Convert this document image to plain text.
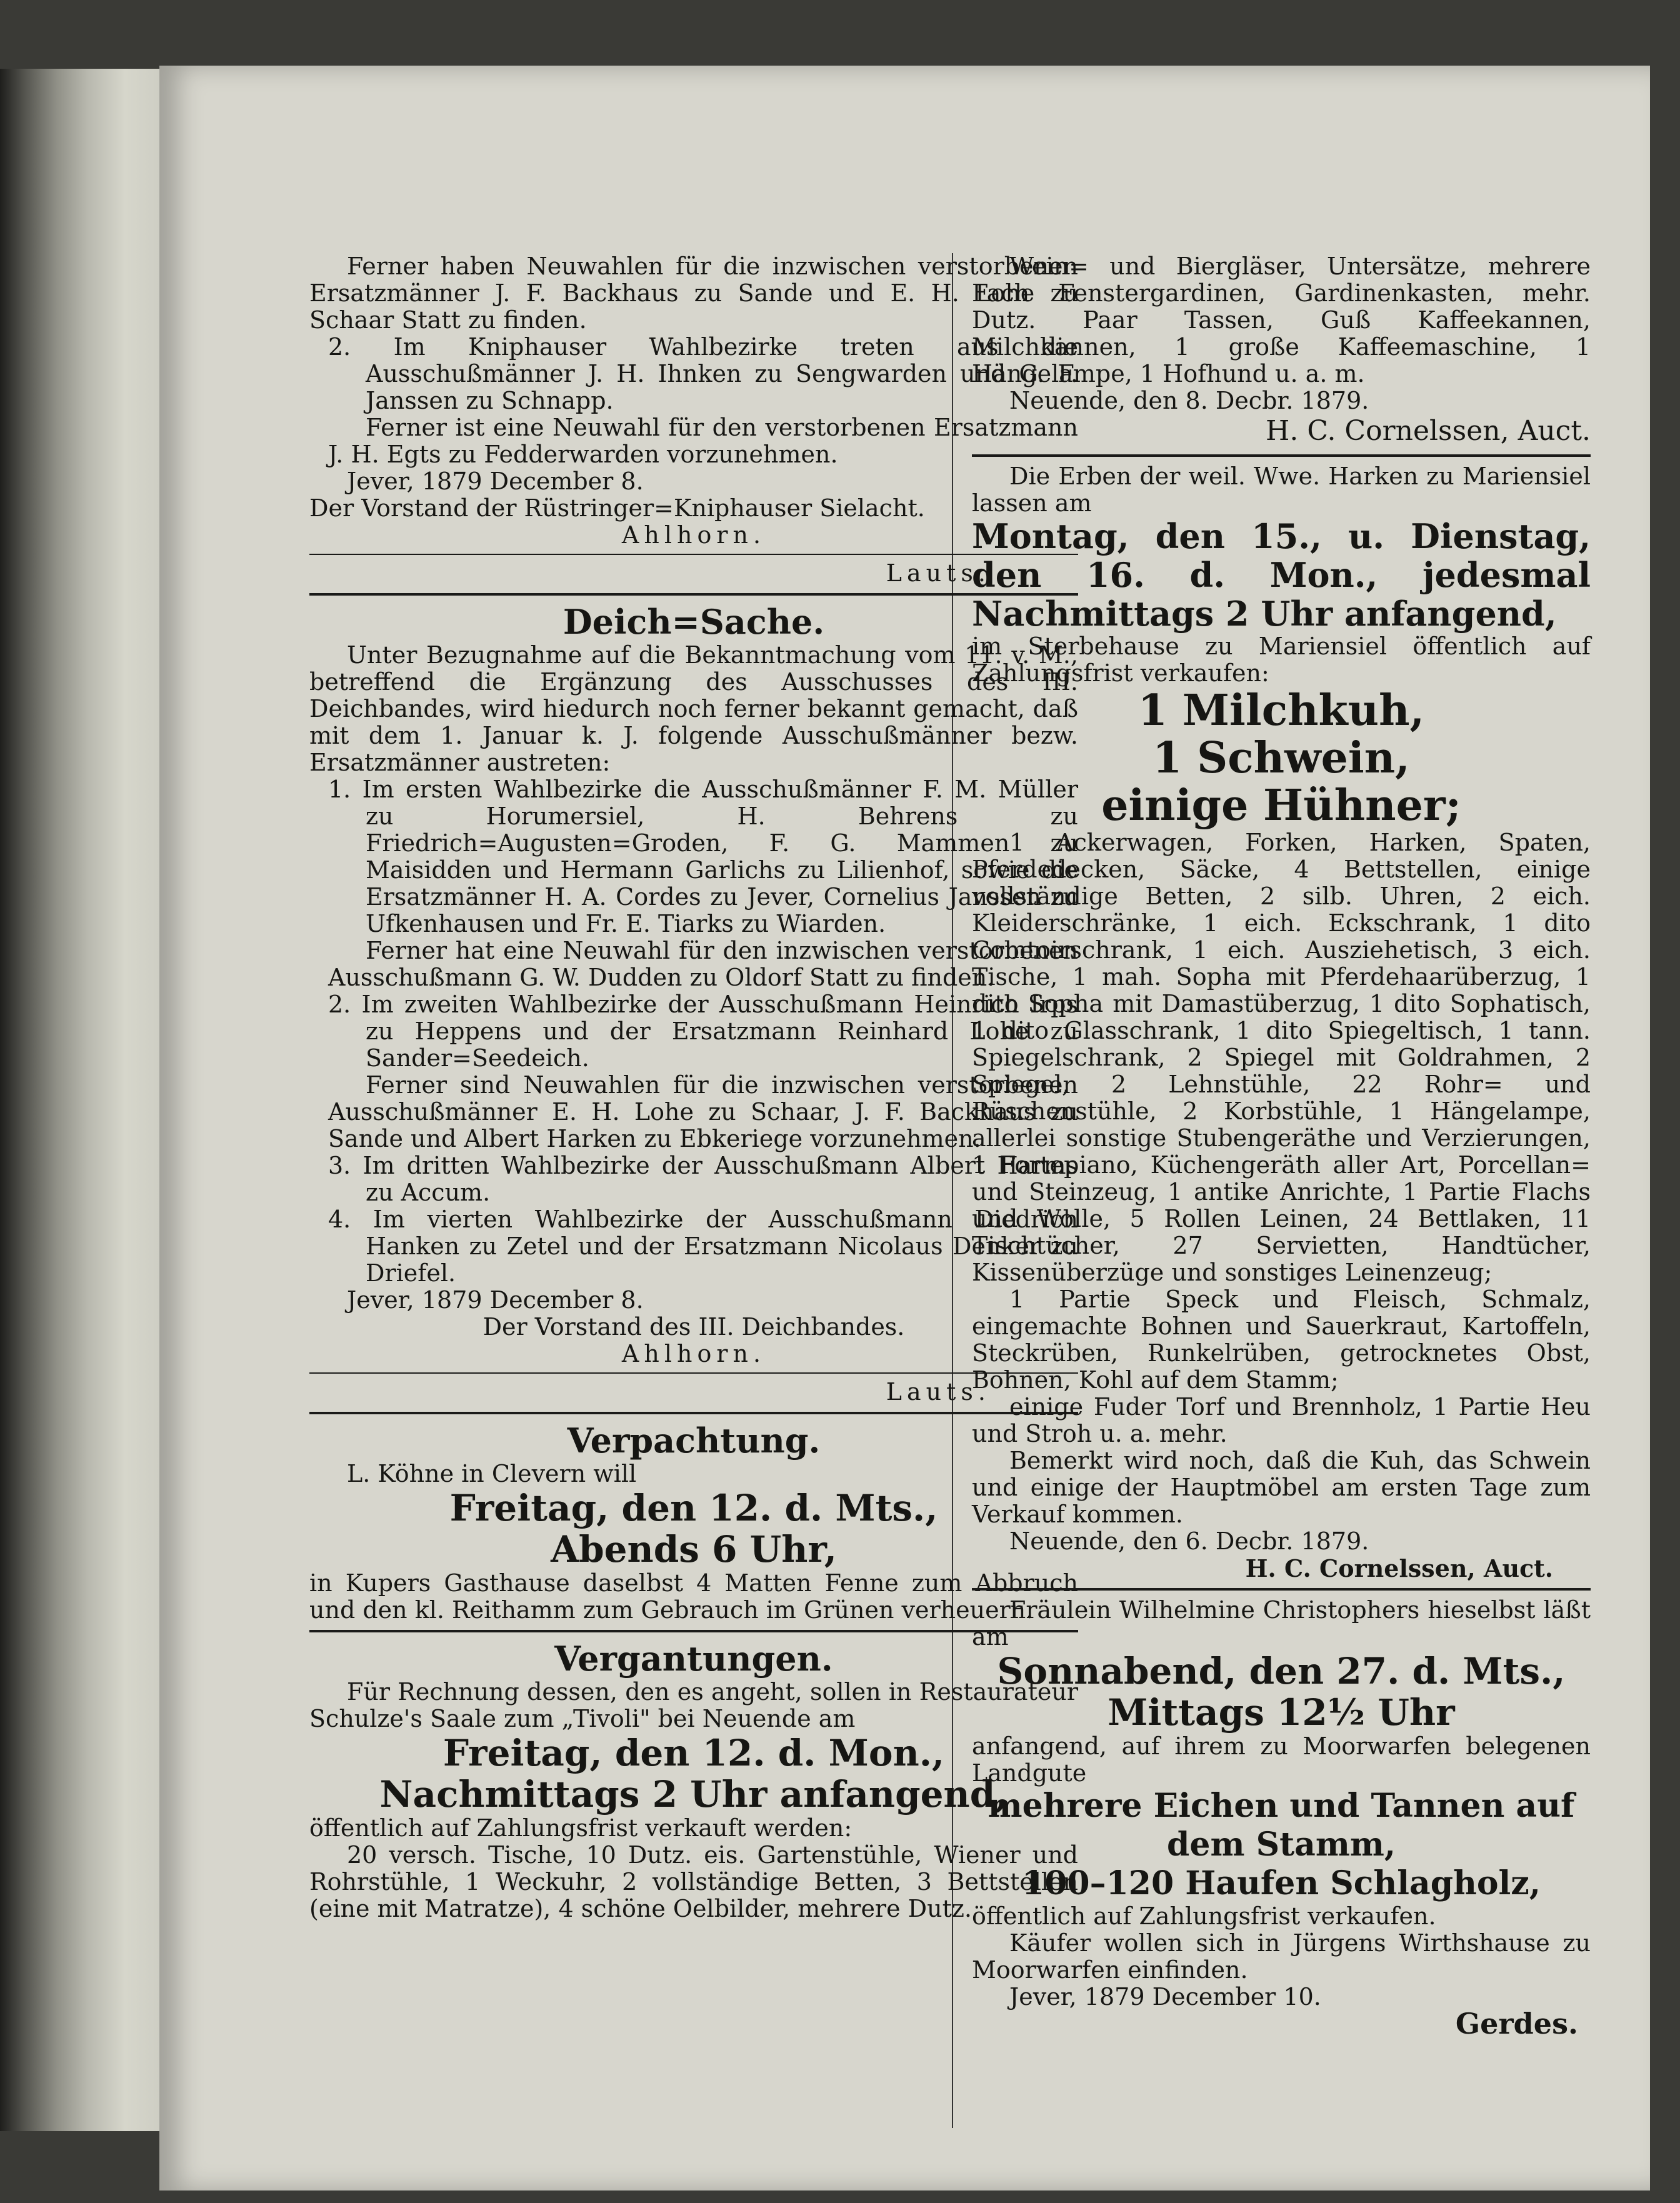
Ferner haben Neuwahlen für die inzwischen verstorbenen Ersatzmänner J. F. Backhaus zu Sande und E. H. Lohe zu Schaar Statt zu finden.

2. Im Kniphauser Wahlbezirke treten aus die Ausschußmänner J. H. Ihnken zu Sengwarden und G. F. Janssen zu Schnapp.

Ferner ist eine Neuwahl für den verstorbenen Ersatzmann J. H. Egts zu Fedderwarden vorzunehmen.

Jever, 1879 December 8.

Der Vorstand der Rüstringer=Kniphauser Sielacht.

Ahlhorn.

Lauts.

Deich=Sache.

Unter Bezugnahme auf die Bekanntmachung vom 11. v. M., betreffend die Ergänzung des Ausschusses des III. Deichbandes, wird hiedurch noch ferner bekannt gemacht, daß mit dem 1. Januar k. J. folgende Ausschußmänner bezw. Ersatzmänner austreten:

1. Im ersten Wahlbezirke die Ausschußmänner F. M. Müller zu Horumersiel, H. Behrens zu Friedrich=Augusten=Groden, F. G. Mammen zu Maisidden und Hermann Garlichs zu Lilienhof, sowie die Ersatzmänner H. A. Cordes zu Jever, Cornelius Janssen zu Ufkenhausen und Fr. E. Tiarks zu Wiarden.

Ferner hat eine Neuwahl für den inzwischen verstorbenen Ausschußmann G. W. Dudden zu Oldorf Statt zu finden.

2. Im zweiten Wahlbezirke der Ausschußmann Heinrich Irps zu Heppens und der Ersatzmann Reinhard Lohe zu Sander=Seedeich.

Ferner sind Neuwahlen für die inzwischen verstorbenen Ausschußmänner E. H. Lohe zu Schaar, J. F. Backhaus zu Sande und Albert Harken zu Ebkeriege vorzunehmen.

3. Im dritten Wahlbezirke der Ausschußmann Albert Harms zu Accum.

4. Im vierten Wahlbezirke der Ausschußmann Diedrich Hanken zu Zetel und der Ersatzmann Nicolaus Denker zu Driefel.

Jever, 1879 December 8.

Der Vorstand des III. Deichbandes.

Ahlhorn.

Lauts.

Verpachtung.

L. Köhne in Clevern will

Freitag, den 12. d. Mts.,

Abends 6 Uhr,

in Kupers Gasthause daselbst 4 Matten Fenne zum Abbruch und den kl. Reithamm zum Gebrauch im Grünen verheuern.

Vergantungen.

Für Rechnung dessen, den es angeht, sollen in Restaurateur Schulze's Saale zum „Tivoli" bei Neuende am

Freitag, den 12. d. Mon.,

Nachmittags 2 Uhr anfangend,

öffentlich auf Zahlungsfrist verkauft werden:

20 versch. Tische, 10 Dutz. eis. Gartenstühle, Wiener und Rohrstühle, 1 Weckuhr, 2 vollständige Betten, 3 Bettstellen (eine mit Matratze), 4 schöne Oelbilder, mehrere Dutz.

Wein= und Biergläser, Untersätze, mehrere Fach Fenstergardinen, Gardinenkasten, mehr. Dutz. Paar Tassen, Guß Kaffeekannen, Milchkannen, 1 große Kaffeemaschine, 1 Hängelampe, 1 Hofhund u. a. m.

Neuende, den 8. Decbr. 1879.

H. C. Cornelssen, Auct.

Die Erben der weil. Wwe. Harken zu Mariensiel lassen am

Montag, den 15., u. Dienstag, den 16. d. Mon., jedesmal Nachmittags 2 Uhr anfangend,

im Sterbehause zu Mariensiel öffentlich auf Zahlungsfrist verkaufen:

1 Milchkuh,

1 Schwein,

einige Hühner;

1 Ackerwagen, Forken, Harken, Spaten, Pferdedecken, Säcke, 4 Bettstellen, einige vollständige Betten, 2 silb. Uhren, 2 eich. Kleiderschränke, 1 eich. Eckschrank, 1 dito Comtoirschrank, 1 eich. Ausziehetisch, 3 eich. Tische, 1 mah. Sopha mit Pferdehaarüberzug, 1 dito Sopha mit Damastüberzug, 1 dito Sophatisch, 1 dito Glasschrank, 1 dito Spiegeltisch, 1 tann. Spiegelschrank, 2 Spiegel mit Goldrahmen, 2 Spiegel, 2 Lehnstühle, 22 Rohr= und Rüschenstühle, 2 Korbstühle, 1 Hängelampe, allerlei sonstige Stubengeräthe und Verzierungen, 1 Fortepiano, Küchengeräth aller Art, Porcellan= und Steinzeug, 1 antike Anrichte, 1 Partie Flachs und Wolle, 5 Rollen Leinen, 24 Bettlaken, 11 Tischtücher, 27 Servietten, Handtücher, Kissenüberzüge und sonstiges Leinenzeug;

1 Partie Speck und Fleisch, Schmalz, eingemachte Bohnen und Sauerkraut, Kartoffeln, Steckrüben, Runkelrüben, getrocknetes Obst, Bohnen, Kohl auf dem Stamm;

einige Fuder Torf und Brennholz, 1 Partie Heu und Stroh u. a. mehr.

Bemerkt wird noch, daß die Kuh, das Schwein und einige der Hauptmöbel am ersten Tage zum Verkauf kommen.

Neuende, den 6. Decbr. 1879.

H. C. Cornelssen, Auct.

Fräulein Wilhelmine Christophers hieselbst läßt am

Sonnabend, den 27. d. Mts.,

Mittags 12½ Uhr

anfangend, auf ihrem zu Moorwarfen belegenen Landgute

mehrere Eichen und Tannen auf dem Stamm,

100–120 Haufen Schlagholz,

öffentlich auf Zahlungsfrist verkaufen.

Käufer wollen sich in Jürgens Wirthshause zu Moorwarfen einfinden.

Jever, 1879 December 10.

Gerdes.
